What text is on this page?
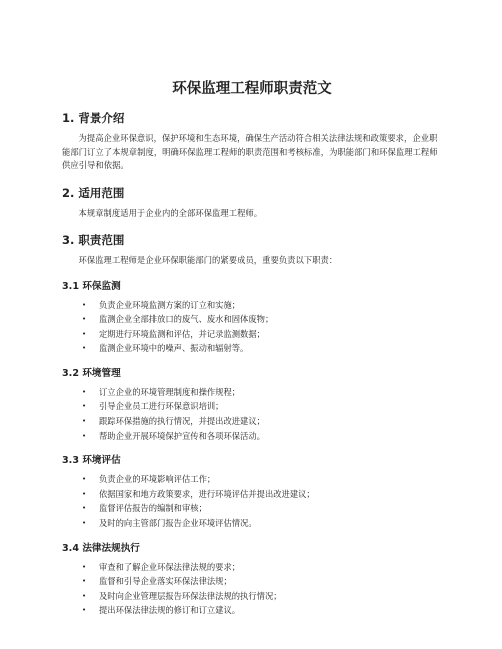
环保监理工程师职责范文
1. 背景介绍
为提高企业环保意识，保护环境和生态环境，确保生产活动符合相关法律法规和政策要求，企业职能部门订立了本规章制度，明确环保监理工程师的职责范围和考核标准，为职能部门和环保监理工程师供应引导和依据。
2. 适用范围
本规章制度适用于企业内的全部环保监理工程师。
3. 职责范围
环保监理工程师是企业环保职能部门的紧要成员，重要负责以下职责：
3.1 环保监测
• 负责企业环境监测方案的订立和实施；
• 监测企业全部排放口的废气、废水和固体废物；
• 定期进行环境监测和评估，并记录监测数据；
• 监测企业环境中的噪声、振动和辐射等。
3.2 环境管理
• 订立企业的环境管理制度和操作规程；
• 引导企业员工进行环保意识培训；
• 跟踪环保措施的执行情况，并提出改进建议；
• 帮助企业开展环境保护宣传和各项环保活动。
3.3 环境评估
• 负责企业的环境影响评估工作；
• 依据国家和地方政策要求，进行环境评估并提出改进建议；
• 监督评估报告的编制和审核；
• 及时的向主管部门报告企业环境评估情况。
3.4 法律法规执行
• 审查和了解企业环保法律法规的要求；
• 监督和引导企业落实环保法律法规；
• 及时向企业管理层报告环保法律法规的执行情况；
• 提出环保法律法规的修订和订立建议。
